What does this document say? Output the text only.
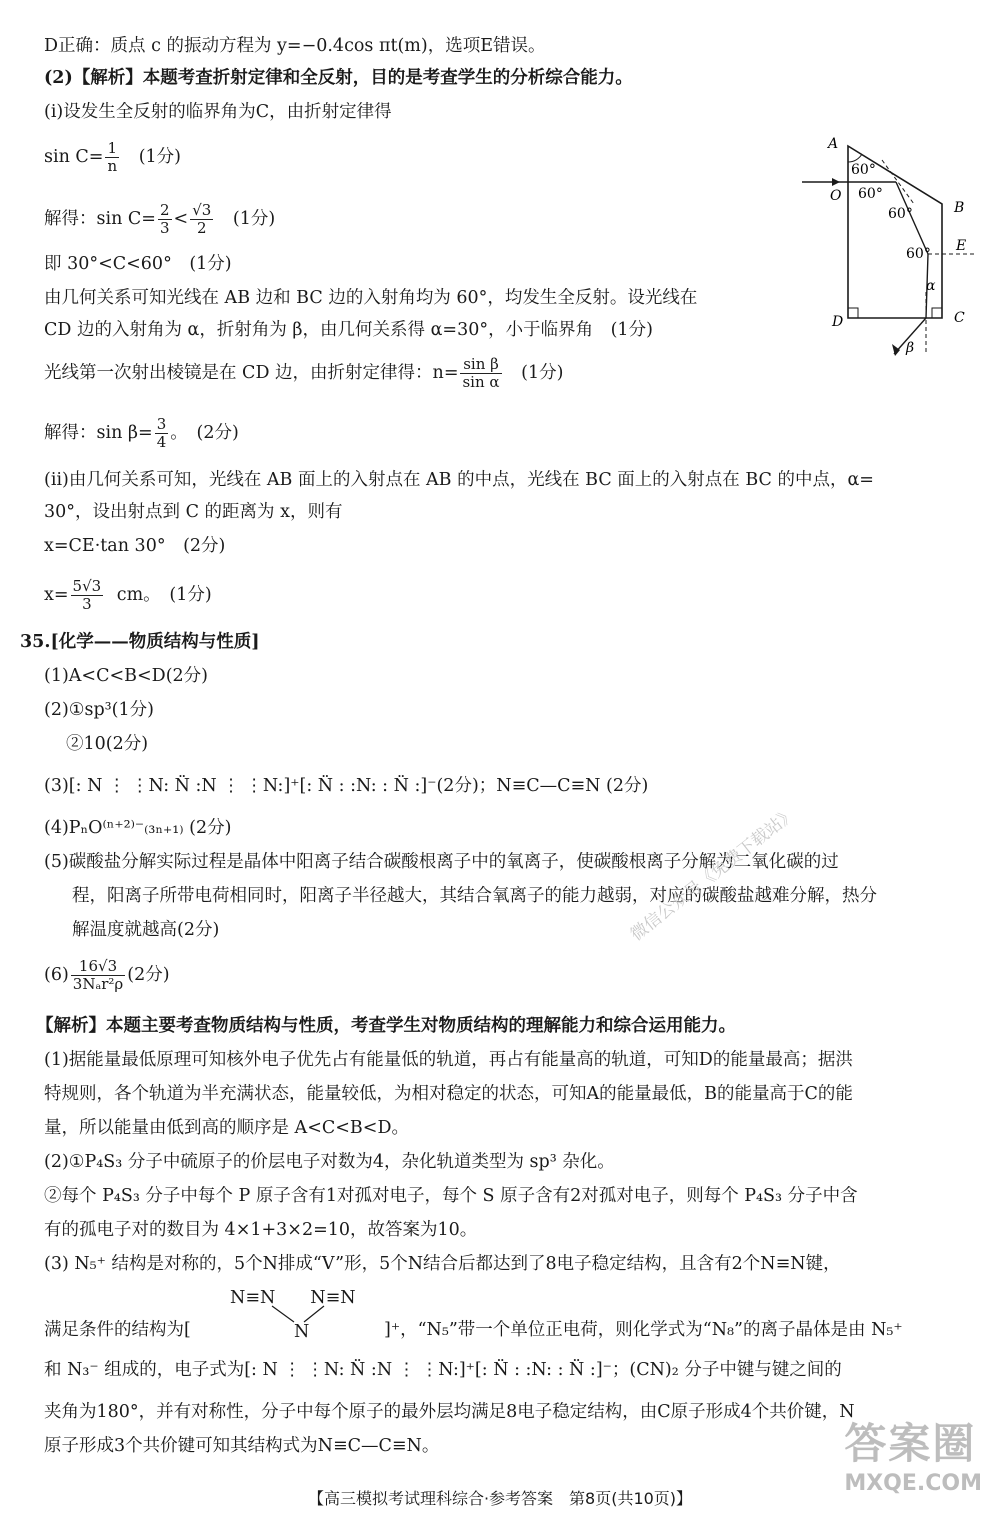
D正确：质点 c 的振动方程为 y=−0.4cos πt(m)，选项E错误。
(2)【解析】本题考查折射定律和全反射，目的是考查学生的分析综合能力。
(ⅰ)设发生全反射的临界角为C，由折射定律得
$\sin C= \frac{1}{n} (1$分)
解得：$\sin C= \frac{2}{3} < \frac{√3}{2} (1$分)
即 30°<C<60°　(1分)
由几何关系可知光线在 AB 边和 BC 边的入射角均为 60°，均发生全反射。设光线在
CD 边的入射角为 α，折射角为 β，由几何关系得 α=30°，小于临界角　(1分)
光线第一次射出棱镜是在 CD 边，由折射定律得：$n= \frac{\text{sin β}}{\text{sin α}} (1$分)
解得：$\sin \beta= \frac{3}{4}$ 。　(2分)
(ⅱ)由几何关系可知，光线在 AB 面上的入射点在 AB 的中点，光线在 BC 面上的入射点在 BC 的中点，α=
30°，设出射点到 C 的距离为 x，则有
x=CE·tan 30°　(2分)
$x= \frac{5√3}{3}$ cm。　(1分)
35.[化学——物质结构与性质]
(1)A<C<B<D(2分)
(2)①sp³(1分)
②10(2分)
(3)[: N ⋮ ⋮N: N̈ :N ⋮ ⋮N:]⁺[: N̈ : :N: : N̈ :]⁻(2分)；N≡C—C≡N (2分)
(4)PₙO⁽ⁿ⁺²⁾⁻₍₃ₙ₊₁₎ (2分)
(5)碳酸盐分解实际过程是晶体中阳离子结合碳酸根离子中的氧离子，使碳酸根离子分解为二氧化碳的过
程，阳离子所带电荷相同时，阳离子半径越大，其结合氧离子的能力越弱，对应的碳酸盐越难分解，热分
解温度就越高(2分)
$(6) \frac{16√3}{\text{3Nₐr²ρ}} (2$分)
【解析】本题主要考查物质结构与性质，考查学生对物质结构的理解能力和综合运用能力。
(1)据能量最低原理可知核外电子优先占有能量低的轨道，再占有能量高的轨道，可知D的能量最高；据洪
特规则，各个轨道为半充满状态，能量较低，为相对稳定的状态，可知A的能量最低，B的能量高于C的能
量，所以能量由低到高的顺序是 A<C<B<D。
(2)①P₄S₃ 分子中硫原子的价层电子对数为4，杂化轨道类型为 sp³ 杂化。
②每个 P₄S₃ 分子中每个 P 原子含有1对孤对电子，每个 S 原子含有2对孤对电子，则每个 P₄S₃ 分子中含
有的孤电子对的数目为 4×1+3×2=10，故答案为10。
(3) N₅⁺ 结构是对称的，5个N排成“V”形，5个N结合后都达到了8电子稳定结构，且含有2个N≡N键，
N≡N　　N≡N
N
满足条件的结构为[	]⁺，“N₅”带一个单位正电荷，则化学式为“N₈”的离子晶体是由 N₅⁺
和 N₃⁻ 组成的，电子式为[: N ⋮ ⋮N: N̈ :N ⋮ ⋮N:]⁺[: N̈ : :N: : N̈ :]⁻；(CN)₂ 分子中键与键之间的
夹角为180°，并有对称性，分子中每个原子的最外层均满足8电子稳定结构，由C原子形成4个共价键，N
原子形成3个共价键可知其结构式为N≡C—C≡N。
A
O
B
E
D	C
60°
60°
60°
60°
α
β
微信公众号《免费下载站》
答案圈
MXQE.COM
【高三模拟考试理科综合·参考答案　第8页(共10页)】
